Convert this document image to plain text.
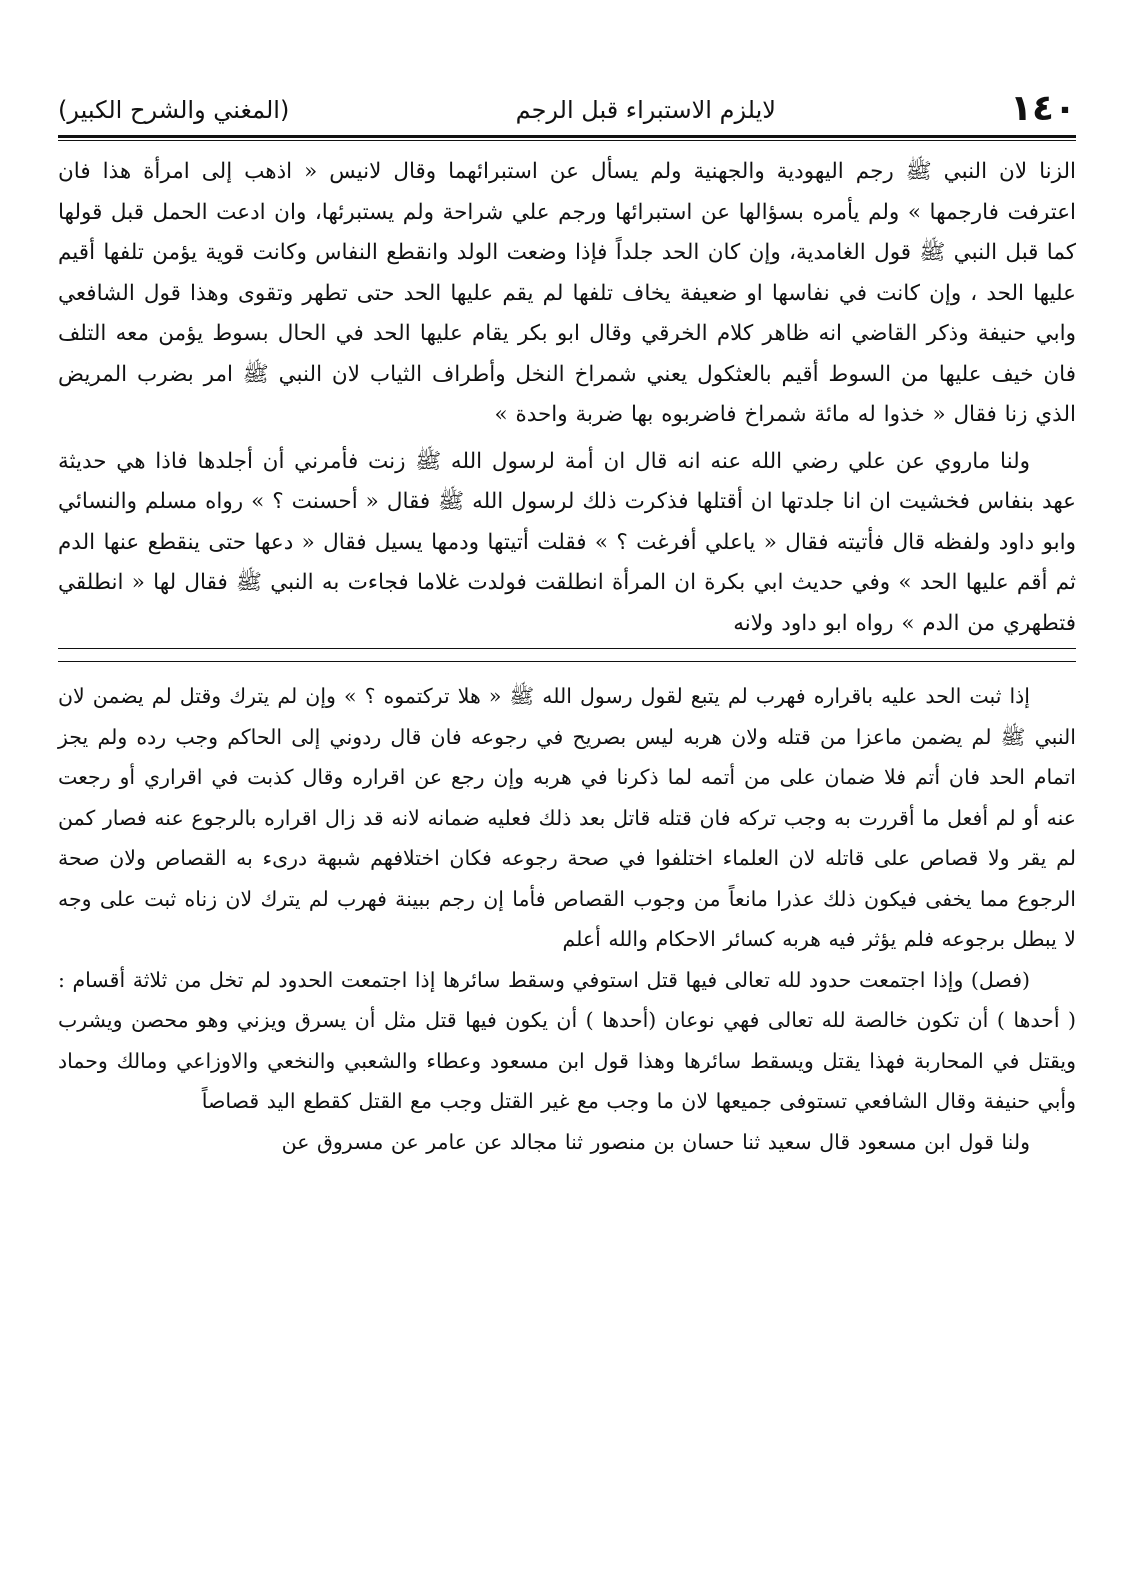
١٤٠
لايلزم الاستبراء قبل الرجم
(المغني والشرح الكبير)

الزنا لان النبي ﷺ رجم اليهودية والجهنية ولم يسأل عن استبرائهما وقال لانيس « اذهب إلى امرأة هذا فان اعترفت فارجمها » ولم يأمره بسؤالها عن استبرائها ورجم علي شراحة ولم يستبرئها، وان ادعت الحمل قبل قولها كما قبل النبي ﷺ قول الغامدية، وإن كان الحد جلداً فإذا وضعت الولد وانقطع النفاس وكانت قوية يؤمن تلفها أقيم عليها الحد ، وإن كانت في نفاسها او ضعيفة يخاف تلفها لم يقم عليها الحد حتى تطهر وتقوى وهذا قول الشافعي وابي حنيفة وذكر القاضي انه ظاهر كلام الخرقي وقال ابو بكر يقام عليها الحد في الحال بسوط يؤمن معه التلف فان خيف عليها من السوط أقيم بالعثكول يعني شمراخ النخل وأطراف الثياب لان النبي ﷺ امر بضرب المريض الذي زنا فقال « خذوا له مائة شمراخ فاضربوه بها ضربة واحدة »

ولنا ماروي عن علي رضي الله عنه انه قال ان أمة لرسول الله ﷺ زنت فأمرني أن أجلدها فاذا هي حديثة عهد بنفاس فخشيت ان انا جلدتها ان أقتلها فذكرت ذلك لرسول الله ﷺ فقال « أحسنت ؟ » رواه مسلم والنسائي وابو داود ولفظه قال فأتيته فقال « ياعلي أفرغت ؟ » فقلت أتيتها ودمها يسيل فقال « دعها حتى ينقطع عنها الدم ثم أقم عليها الحد » وفي حديث ابي بكرة ان المرأة انطلقت فولدت غلاما فجاءت به النبي ﷺ فقال لها « انطلقي فتطهري من الدم » رواه ابو داود ولانه

إذا ثبت الحد عليه باقراره فهرب لم يتبع لقول رسول الله ﷺ « هلا تركتموه ؟ » وإن لم يترك وقتل لم يضمن لان النبي ﷺ لم يضمن ماعزا من قتله ولان هربه ليس بصريح في رجوعه فان قال ردوني إلى الحاكم وجب رده ولم يجز اتمام الحد فان أتم فلا ضمان على من أتمه لما ذكرنا في هربه وإن رجع عن اقراره وقال كذبت في اقراري أو رجعت عنه أو لم أفعل ما أقررت به وجب تركه فان قتله قاتل بعد ذلك فعليه ضمانه لانه قد زال اقراره بالرجوع عنه فصار كمن لم يقر ولا قصاص على قاتله لان العلماء اختلفوا في صحة رجوعه فكان اختلافهم شبهة درىء به القصاص ولان صحة الرجوع مما يخفى فيكون ذلك عذرا مانعاً من وجوب القصاص فأما إن رجم ببينة فهرب لم يترك لان زناه ثبت على وجه لا يبطل برجوعه فلم يؤثر فيه هربه كسائر الاحكام والله أعلم

(فصل) وإذا اجتمعت حدود لله تعالى فيها قتل استوفي وسقط سائرها إذا اجتمعت الحدود لم تخل من ثلاثة أقسام :( أحدها ) أن تكون خالصة لله تعالى فهي نوعان (أحدها ) أن يكون فيها قتل مثل أن يسرق ويزني وهو محصن ويشرب ويقتل في المحاربة فهذا يقتل ويسقط سائرها وهذا قول ابن مسعود وعطاء والشعبي والنخعي والاوزاعي ومالك وحماد وأبي حنيفة وقال الشافعي تستوفى جميعها لان ما وجب مع غير القتل وجب مع القتل كقطع اليد قصاصاً

ولنا قول ابن مسعود قال سعيد ثنا حسان بن منصور ثنا مجالد عن عامر عن مسروق عن
